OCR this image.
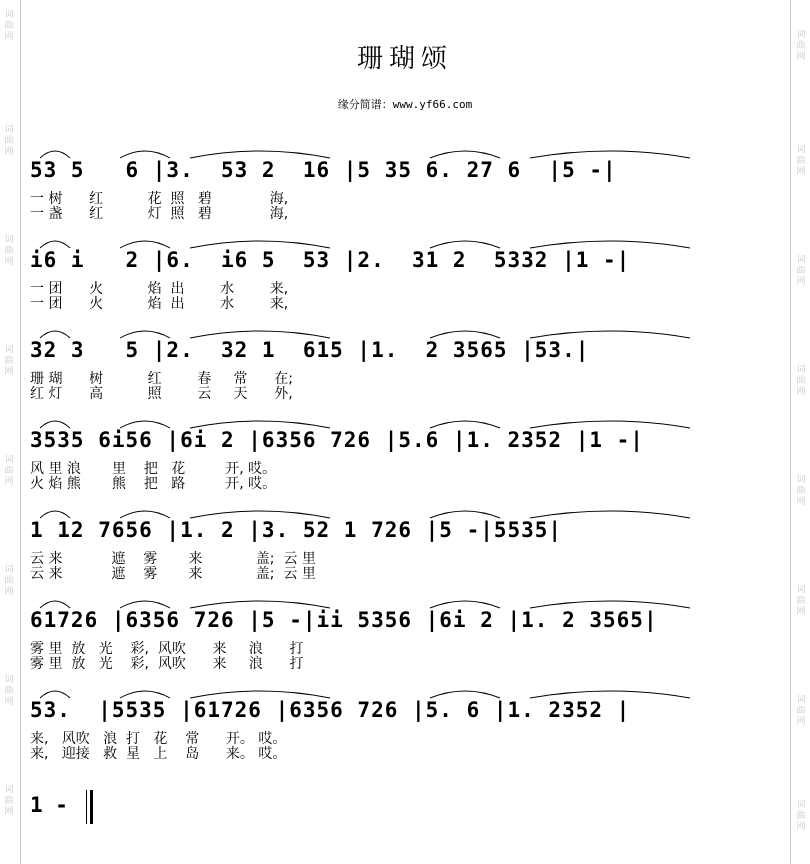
词曲网
词曲网
词曲网
词曲网
词曲网
词曲网
词曲网
词曲网
词曲网
词曲网
词曲网
词曲网
词曲网
词曲网
词曲网
词曲网
珊瑚颂
缘分简谱：www.yf66.com
53 5   6 |3.  53 2  16 |5 35 6. 27 6  |5 -|
一 树      红          花  照   碧             海,
一 盏      红          灯  照   碧             海,
i6 i   2 |6.  i6 5  53 |2.  31 2  5332 |1 -|
一 团      火          焰  出        水        来,
一 团      火          焰  出        水        来,
32 3   5 |2.  32 1  615 |1.  2 3565 |53.|
珊 瑚      树          红        春     常      在;
红 灯      高          照        云     天      外,
3535 6i56 |6i 2 |6356 726 |5.6 |1. 2352 |1 -|
风 里 浪       里    把   花         开, 哎。
火 焰 熊       熊    把   路         开, 哎。
1 12 7656 |1. 2 |3. 52 1 726 |5 -|5535|
云 来           遮    雾       来            盖;  云 里
云 来           遮    雾       来            盖;  云 里
61726 |6356 726 |5 -|ii 5356 |6i 2 |1. 2 3565|
雾 里  放   光    彩,  风吹      来     浪      打
雾 里  放   光    彩,  风吹      来     浪      打
53.  |5535 |61726 |6356 726 |5. 6 |1. 2352 |
来,   风吹   浪  打   花    常      开。 哎。
来,   迎接   救  星   上    岛      来。 哎。
1 -
